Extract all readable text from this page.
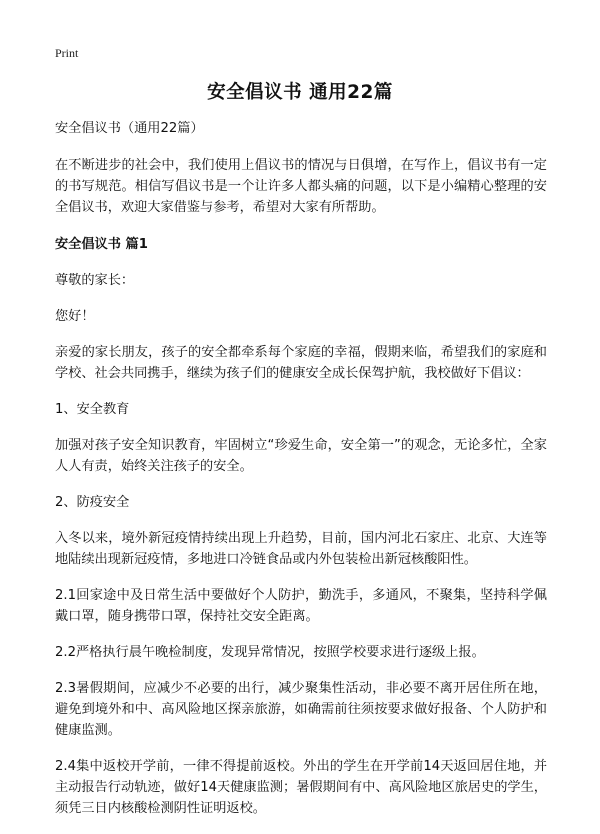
Print
安全倡议书 通用22篇

安全倡议书（通用22篇）

在不断进步的社会中，我们使用上倡议书的情况与日俱增，在写作上，倡议书有一定的书写规范。相信写倡议书是一个让许多人都头痛的问题，以下是小编精心整理的安全倡议书，欢迎大家借鉴与参考，希望对大家有所帮助。

安全倡议书 篇1

尊敬的家长：

您好！

亲爱的家长朋友，孩子的安全都牵系每个家庭的幸福，假期来临，希望我们的家庭和学校、社会共同携手，继续为孩子们的健康安全成长保驾护航，我校做好下倡议：

1、安全教育

加强对孩子安全知识教育，牢固树立“珍爱生命，安全第一”的观念，无论多忙，全家人人有责，始终关注孩子的安全。

2、防疫安全

入冬以来，境外新冠疫情持续出现上升趋势，目前，国内河北石家庄、北京、大连等地陆续出现新冠疫情，多地进口冷链食品或内外包装检出新冠核酸阳性。

2.1回家途中及日常生活中要做好个人防护，勤洗手，多通风，不聚集，坚持科学佩戴口罩，随身携带口罩，保持社交安全距离。

2.2严格执行晨午晚检制度，发现异常情况，按照学校要求进行逐级上报。

2.3暑假期间，应减少不必要的出行，减少聚集性活动，非必要不离开居住所在地，避免到境外和中、高风险地区探亲旅游，如确需前往须按要求做好报备、个人防护和健康监测。

2.4集中返校开学前，一律不得提前返校。外出的学生在开学前14天返回居住地，并主动报告行动轨迹，做好14天健康监测；暑假期间有中、高风险地区旅居史的学生，须凭三日内核酸检测阴性证明返校。
